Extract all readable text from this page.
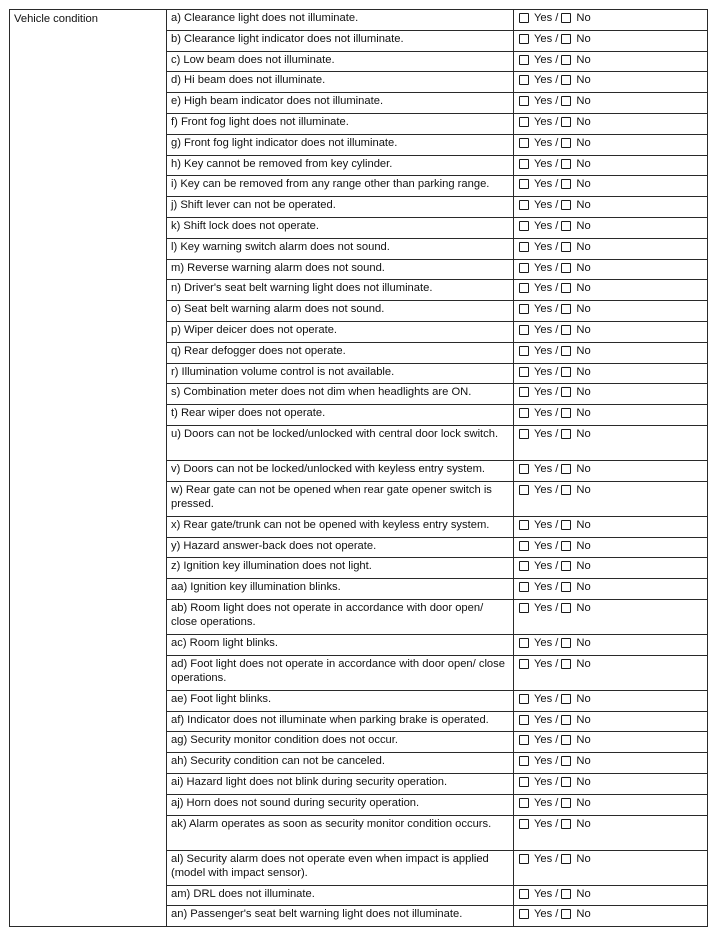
Vehicle condition	a) Clearance light does not illuminate.	Yes / No

	b) Clearance light indicator does not illuminate.	Yes / No

	c) Low beam does not illuminate.	Yes / No

	d) Hi beam does not illuminate.	Yes / No

	e) High beam indicator does not illuminate.	Yes / No

	f) Front fog light does not illuminate.	Yes / No

	g) Front fog light indicator does not illuminate.	Yes / No

	h) Key cannot be removed from key cylinder.	Yes / No

	i) Key can be removed from any range other than parking range.	Yes / No

	j) Shift lever can not be operated.	Yes / No

	k) Shift lock does not operate.	Yes / No

	l) Key warning switch alarm does not sound.	Yes / No

	m) Reverse warning alarm does not sound.	Yes / No

	n) Driver's seat belt warning light does not illuminate.	Yes / No

	o) Seat belt warning alarm does not sound.	Yes / No

	p) Wiper deicer does not operate.	Yes / No

	q) Rear defogger does not operate.	Yes / No

	r) Illumination volume control is not available.	Yes / No

	s) Combination meter does not dim when headlights are ON.	Yes / No

	t) Rear wiper does not operate.	Yes / No

	u) Doors can not be locked/unlocked with central door lock switch.	Yes / No

	v) Doors can not be locked/unlocked with keyless entry system.	Yes / No

	w) Rear gate can not be opened when rear gate opener switch is pressed.	Yes / No

	x) Rear gate/trunk can not be opened with keyless entry system.	Yes / No

	y) Hazard answer-back does not operate.	Yes / No

	z) Ignition key illumination does not light.	Yes / No

	aa) Ignition key illumination blinks.	Yes / No

	ab) Room light does not operate in accordance with door open/ close operations.	Yes / No

	ac) Room light blinks.	Yes / No

	ad) Foot light does not operate in accordance with door open/ close operations.	Yes / No

	ae) Foot light blinks.	Yes / No

	af) Indicator does not illuminate when parking brake is operated.	Yes / No

	ag) Security monitor condition does not occur.	Yes / No

	ah) Security condition can not be canceled.	Yes / No

	ai) Hazard light does not blink during security operation.	Yes / No

	aj) Horn does not sound during security operation.	Yes / No

	ak) Alarm operates as soon as security monitor condition occurs.	Yes / No

	al) Security alarm does not operate even when impact is applied (model with impact sensor).	Yes / No

	am) DRL does not illuminate.	Yes / No

	an) Passenger's seat belt warning light does not illuminate.	Yes / No
